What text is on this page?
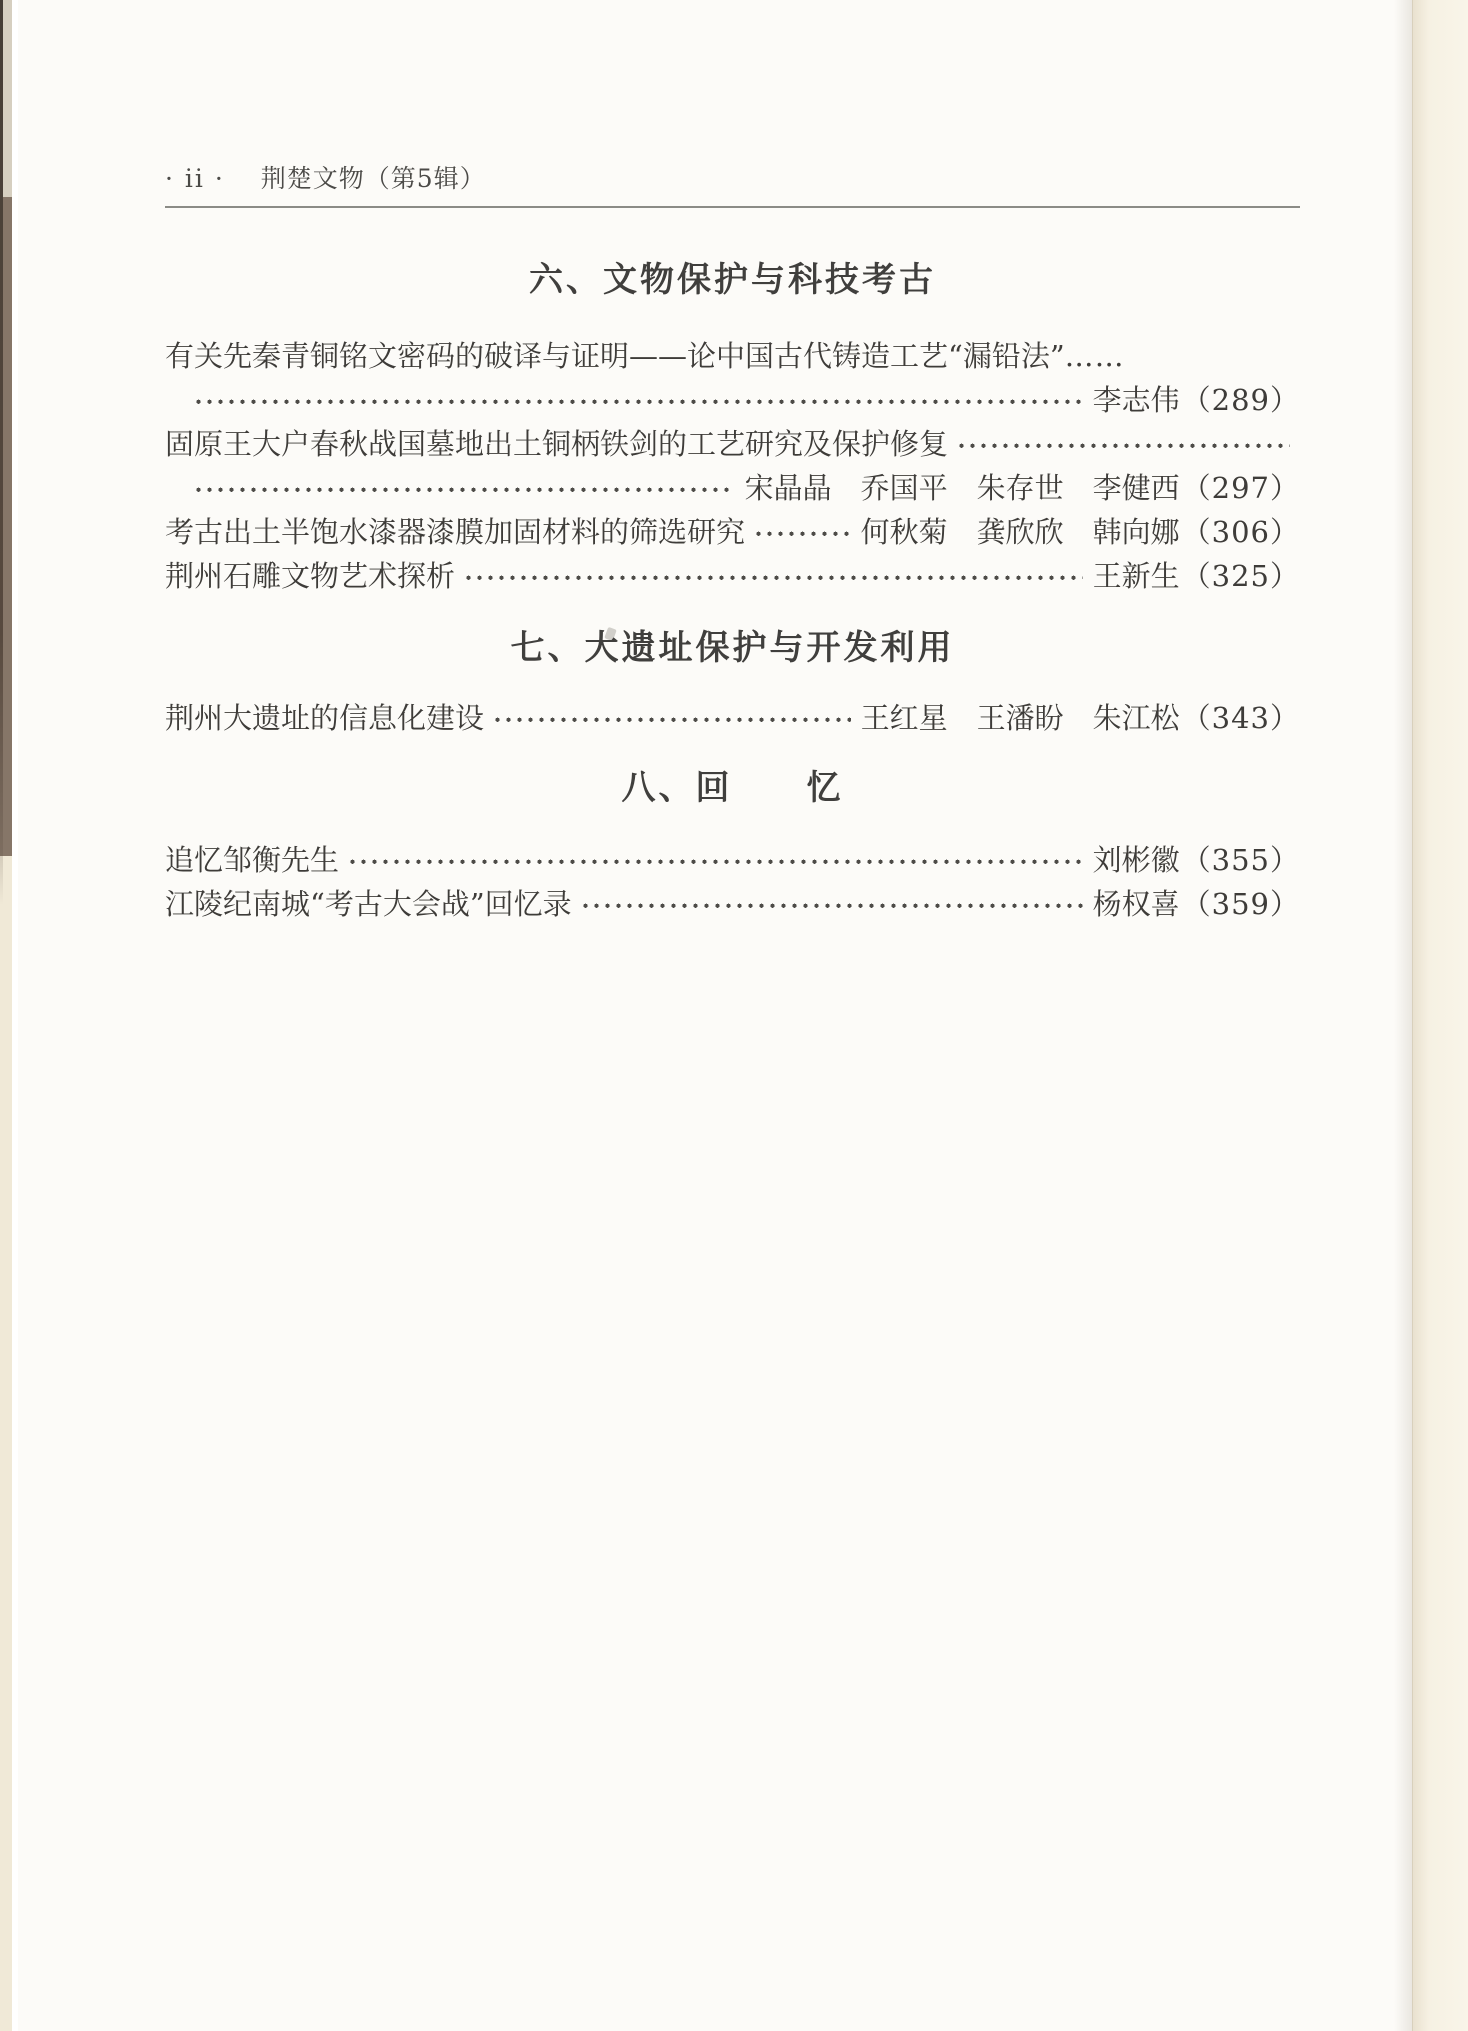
· ii · 荆楚文物（第5辑）
六、文物保护与科技考古
有关先秦青铜铭文密码的破译与证明——论中国古代铸造工艺“漏铅法” ……
李志伟 （289）
固原王大户春秋战国墓地出土铜柄铁剑的工艺研究及保护修复
宋晶晶　乔国平　朱存世　李健西 （297）
考古出土半饱水漆器漆膜加固材料的筛选研究	何秋菊　龚欣欣　韩向娜 （306）
荆州石雕文物艺术探析	王新生 （325）
七、大遗址保护与开发利用
荆州大遗址的信息化建设	王红星　王潘盼　朱江松 （343）
八、回　　忆
追忆邹衡先生	刘彬徽 （355）
江陵纪南城“考古大会战”回忆录	杨权喜 （359）
